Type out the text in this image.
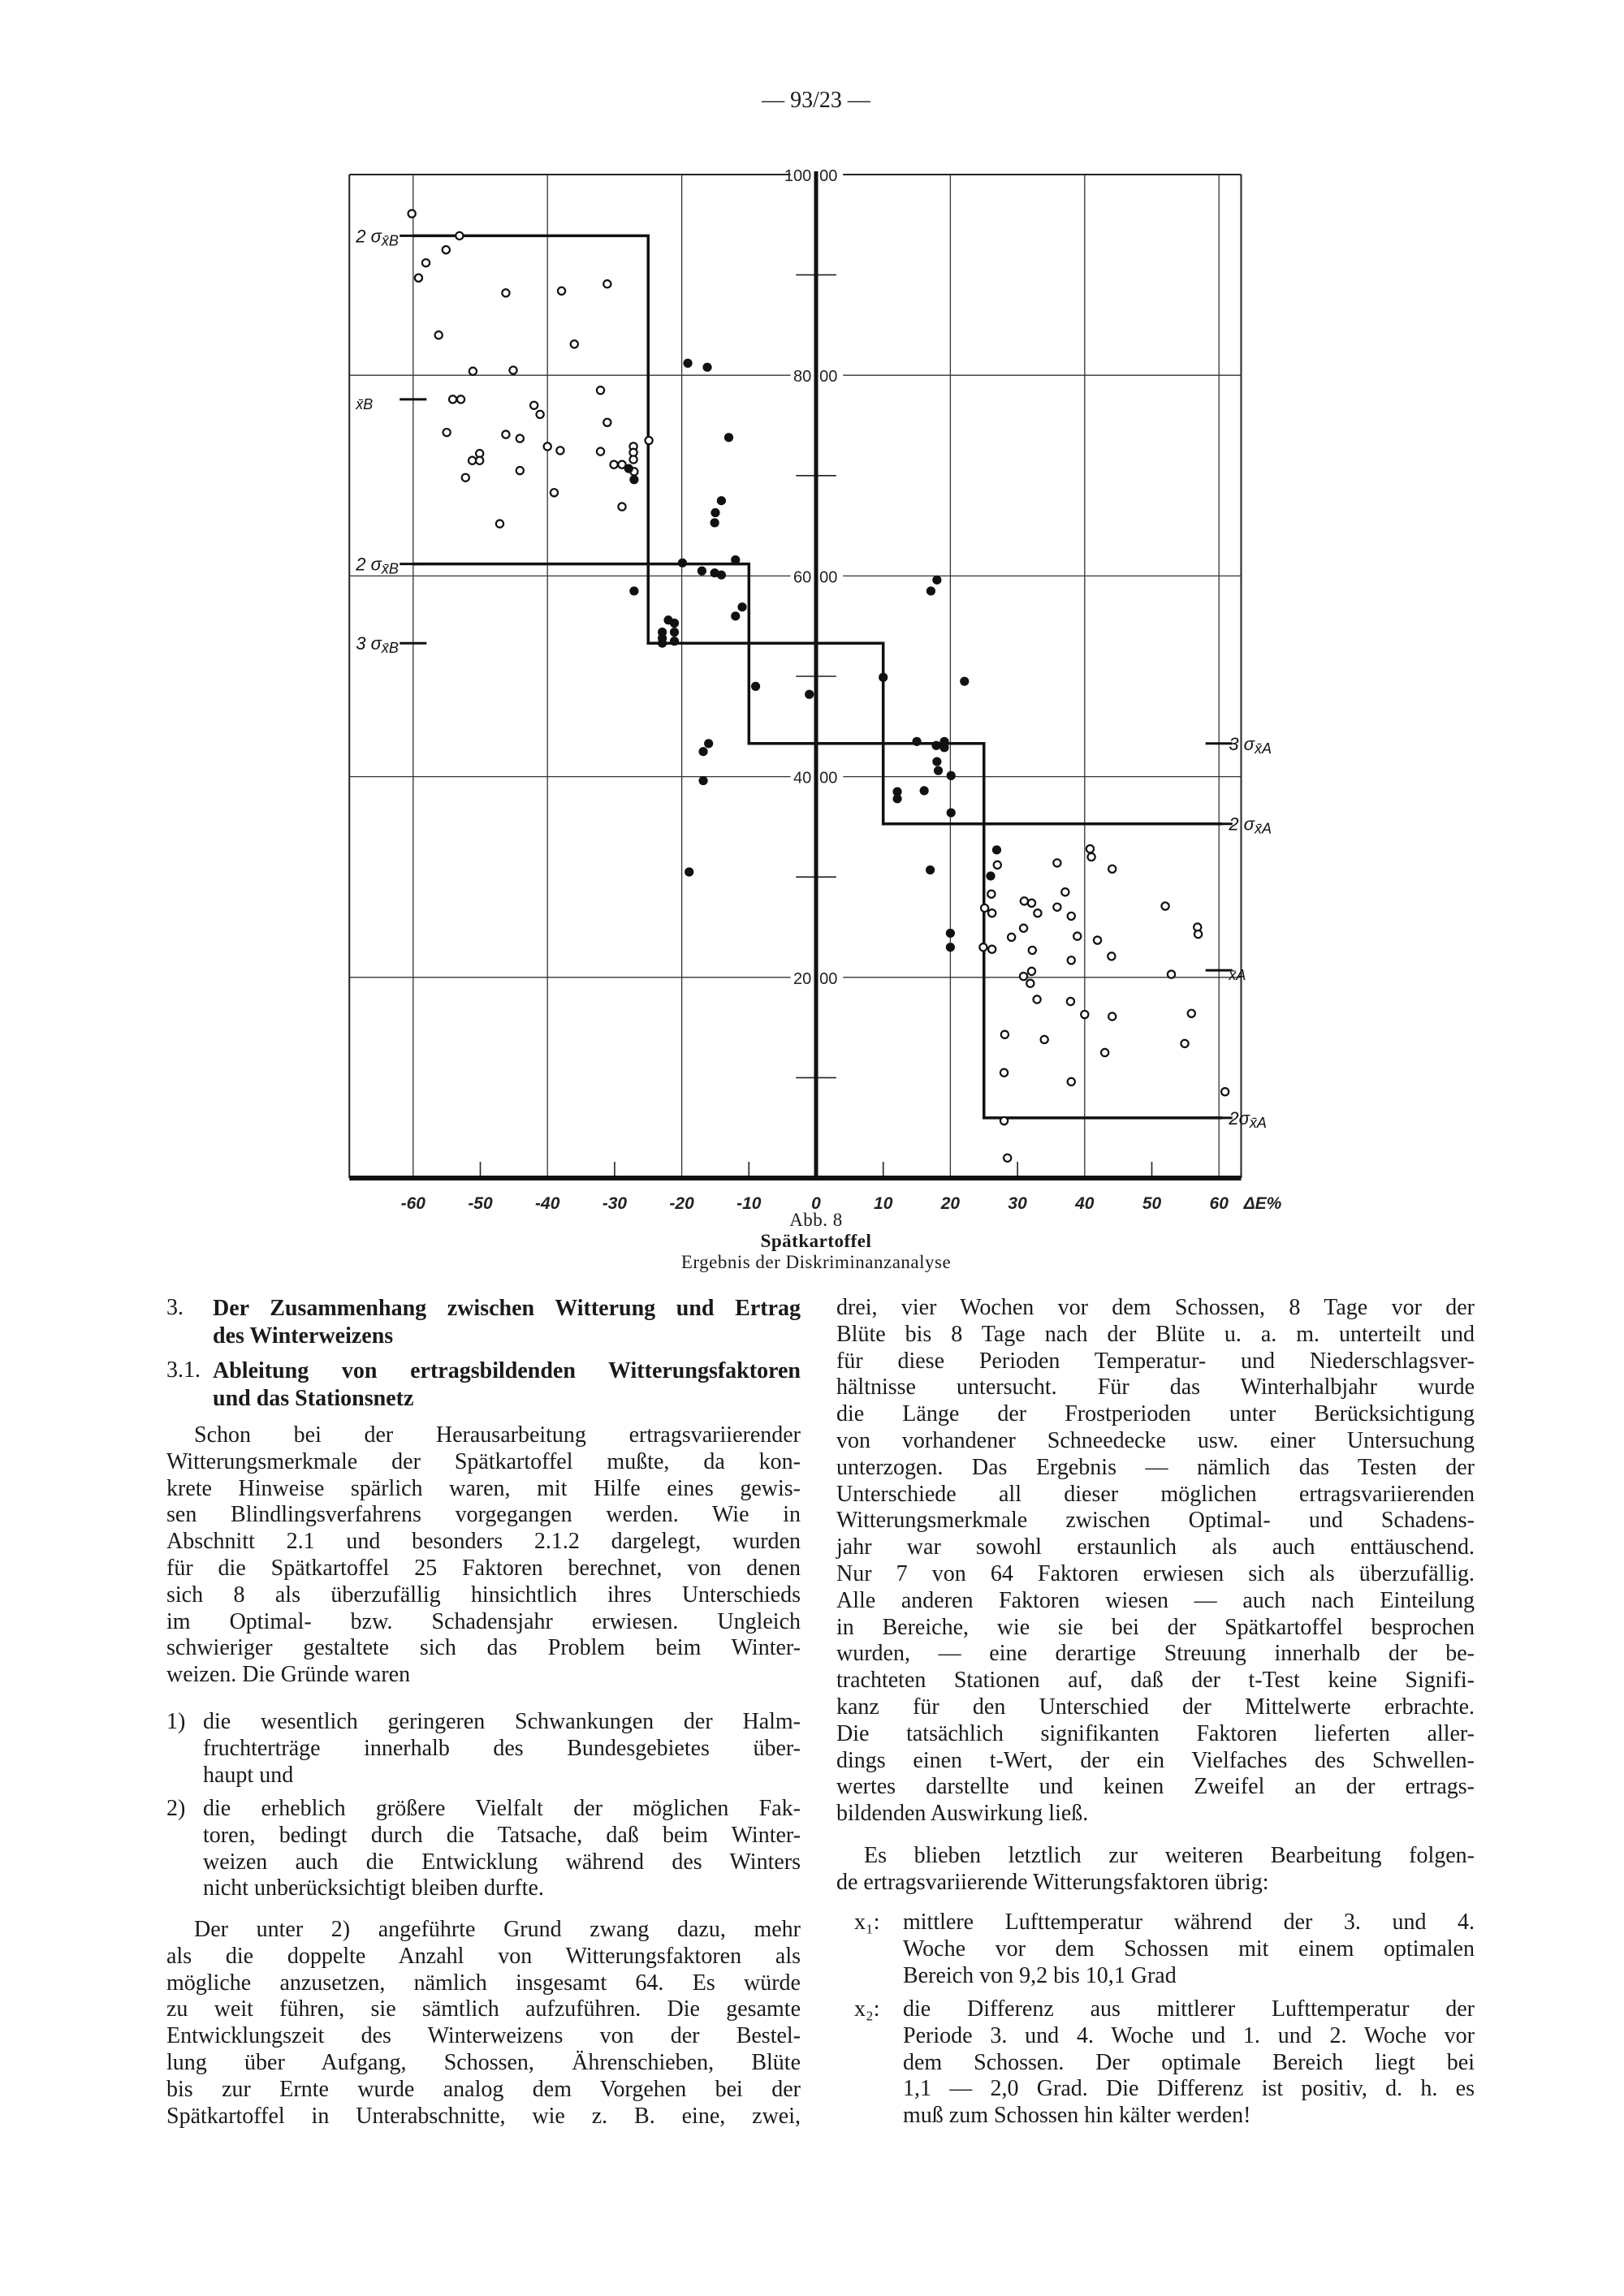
— 93/23 —
20 00
40 00
60 00
80 00
100 00
-60 -50 -40 -30 -20 -10	0	10	20	30	40	50	60 ΔE%
2 σx̄B
x̄B
2 σx̄B
3 σx̄B
3 σx̄A
2 σx̄A
x̄A
2σx̄A
Abb. 8
Spätkartoffel
Ergebnis der Diskriminanzanalyse
3. Der Zusammenhang zwischen Witterung und Ertrag
des Winterweizens
3.1. Ableitung von ertragsbildenden Witterungsfaktoren
und das Stationsnetz
Schon bei der Herausarbeitung ertragsvariierender
Witterungsmerkmale der Spätkartoffel mußte, da kon-
krete Hinweise spärlich waren, mit Hilfe eines gewis-
sen Blindlingsverfahrens vorgegangen werden. Wie in
Abschnitt 2.1 und besonders 2.1.2 dargelegt, wurden
für die Spätkartoffel 25 Faktoren berechnet, von denen
sich 8 als überzufällig hinsichtlich ihres Unterschieds
im Optimal- bzw. Schadensjahr erwiesen. Ungleich
schwieriger gestaltete sich das Problem beim Winter-
weizen. Die Gründe waren
1) die wesentlich geringeren Schwankungen der Halm-
fruchterträge innerhalb des Bundesgebietes über-
haupt und
2) die erheblich größere Vielfalt der möglichen Fak-
toren, bedingt durch die Tatsache, daß beim Winter-
weizen auch die Entwicklung während des Winters
nicht unberücksichtigt bleiben durfte.
Der unter 2) angeführte Grund zwang dazu, mehr
als die doppelte Anzahl von Witterungsfaktoren als
mögliche anzusetzen, nämlich insgesamt 64. Es würde
zu weit führen, sie sämtlich aufzuführen. Die gesamte
Entwicklungszeit des Winterweizens von der Bestel-
lung über Aufgang, Schossen, Ährenschieben, Blüte
bis zur Ernte wurde analog dem Vorgehen bei der
Spätkartoffel in Unterabschnitte, wie z. B. eine, zwei,
drei, vier Wochen vor dem Schossen, 8 Tage vor der
Blüte bis 8 Tage nach der Blüte u. a. m. unterteilt und
für diese Perioden Temperatur- und Niederschlagsver-
hältnisse untersucht. Für das Winterhalbjahr wurde
die Länge der Frostperioden unter Berücksichtigung
von vorhandener Schneedecke usw. einer Untersuchung
unterzogen. Das Ergebnis — nämlich das Testen der
Unterschiede all dieser möglichen ertragsvariierenden
Witterungsmerkmale zwischen Optimal- und Schadens-
jahr war sowohl erstaunlich als auch enttäuschend.
Nur 7 von 64 Faktoren erwiesen sich als überzufällig.
Alle anderen Faktoren wiesen — auch nach Einteilung
in Bereiche, wie sie bei der Spätkartoffel besprochen
wurden, — eine derartige Streuung innerhalb der be-
trachteten Stationen auf, daß der t-Test keine Signifi-
kanz für den Unterschied der Mittelwerte erbrachte.
Die tatsächlich signifikanten Faktoren lieferten aller-
dings einen t-Wert, der ein Vielfaches des Schwellen-
wertes darstellte und keinen Zweifel an der ertrags-
bildenden Auswirkung ließ.
Es blieben letztlich zur weiteren Bearbeitung folgen-
de ertragsvariierende Witterungsfaktoren übrig:
x₁: mittlere Lufttemperatur während der 3. und 4.
Woche vor dem Schossen mit einem optimalen
Bereich von 9,2 bis 10,1 Grad
x₂: die Differenz aus mittlerer Lufttemperatur der
Periode 3. und 4. Woche und 1. und 2. Woche vor
dem Schossen. Der optimale Bereich liegt bei
1,1 — 2,0 Grad. Die Differenz ist positiv, d. h. es
muß zum Schossen hin kälter werden!
